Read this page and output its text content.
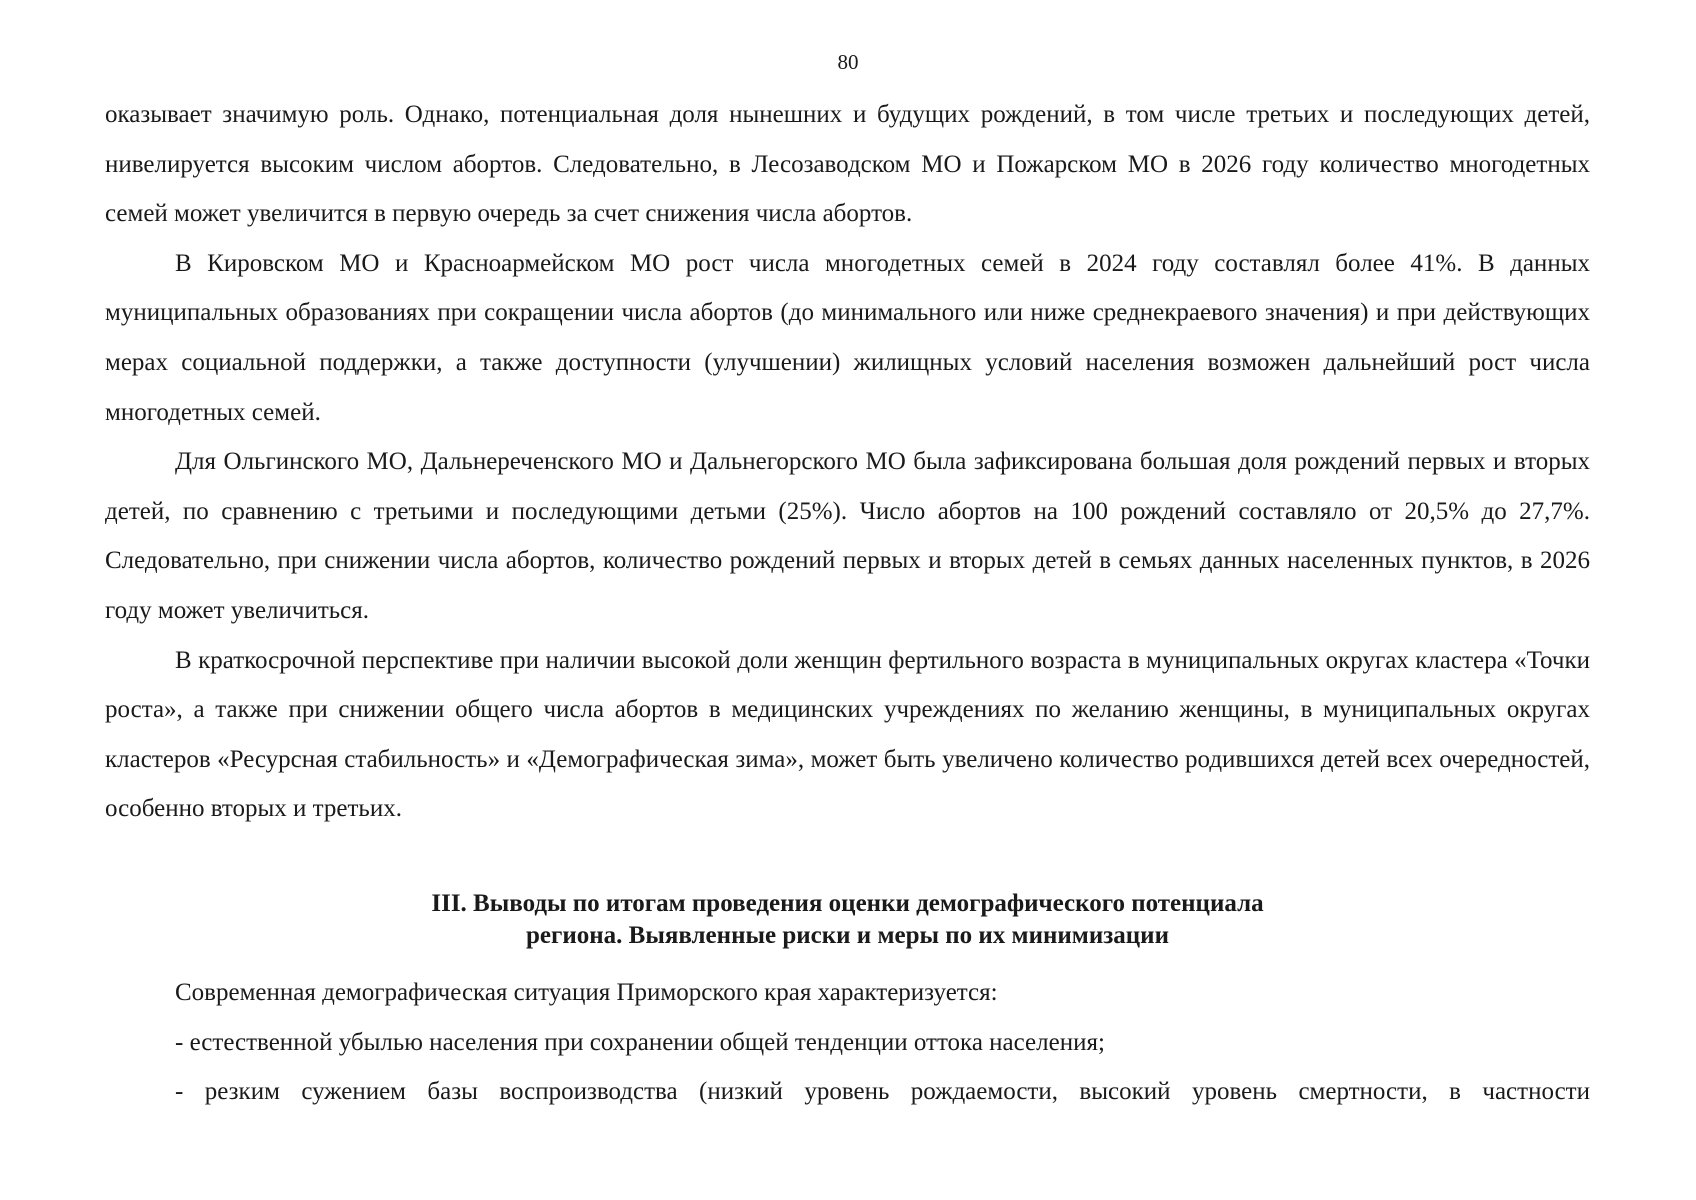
80

оказывает значимую роль. Однако, потенциальная доля нынешних и будущих рождений, в том числе третьих и последующих детей, нивелируется высоким числом абортов. Следовательно, в Лесозаводском МО и Пожарском МО в 2026 году количество многодетных семей может увеличится в первую очередь за счет снижения числа абортов.

В Кировском МО и Красноармейском МО рост числа многодетных семей в 2024 году составлял более 41%. В данных муниципальных образованиях при сокращении числа абортов (до минимального или ниже среднекраевого значения) и при действующих мерах социальной поддержки, а также доступности (улучшении) жилищных условий населения возможен дальнейший рост числа многодетных семей.

Для Ольгинского МО, Дальнереченского МО и Дальнегорского МО была зафиксирована большая доля рождений первых и вторых детей, по сравнению с третьими и последующими детьми (25%). Число абортов на 100 рождений составляло от 20,5% до 27,7%. Следовательно, при снижении числа абортов, количество рождений первых и вторых детей в семьях данных населенных пунктов, в 2026 году может увеличиться.

В краткосрочной перспективе при наличии высокой доли женщин фертильного возраста в муниципальных округах кластера «Точки роста», а также при снижении общего числа абортов в медицинских учреждениях по желанию женщины, в муниципальных округах кластеров «Ресурсная стабильность» и «Демографическая зима», может быть увеличено количество родившихся детей всех очередностей, особенно вторых и третьих.

III. Выводы по итогам проведения оценки демографического потенциала
региона. Выявленные риски и меры по их минимизации

Современная демографическая ситуация Приморского края характеризуется:

- естественной убылью населения при сохранении общей тенденции оттока населения;

- резким сужением базы воспроизводства (низкий уровень рождаемости, высокий уровень смертности, в частности
